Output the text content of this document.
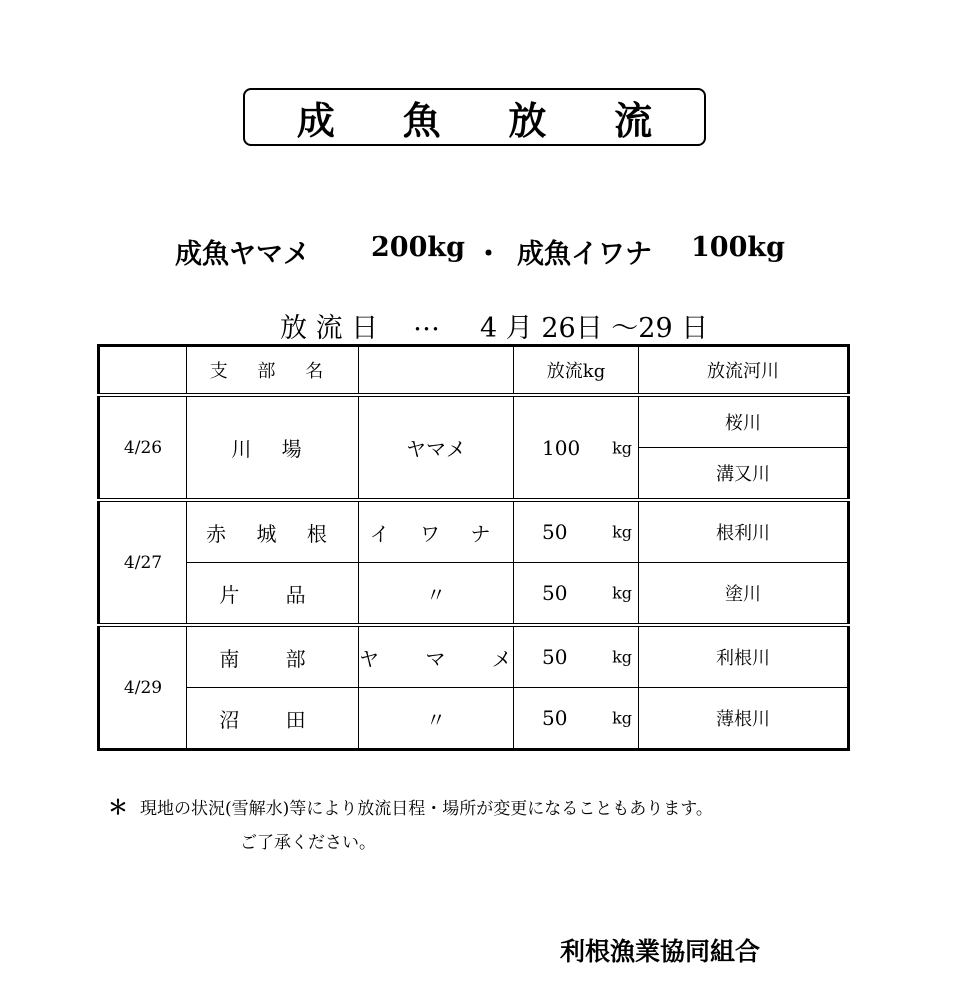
成 魚 放 流
成魚ヤマメ 200kg ・ 成魚イワナ 100kg
放 流 日 … 4 月 26日 ～29 日
	支 部 名		放流kg	放流河川
4/26	川 場	ヤマメ	100 kg	桜川
				溝又川
4/27	赤 城 根	イ ワ ナ	50 kg	根利川
	片 品	〃	50 kg	塗川
4/29	南 部	ヤ マ メ	50 kg	利根川
	沼 田	〃	50 kg	薄根川
＊ 現地の状況(雪解水)等により放流日程・場所が変更になることもあります。
ご了承ください。
利根漁業協同組合
